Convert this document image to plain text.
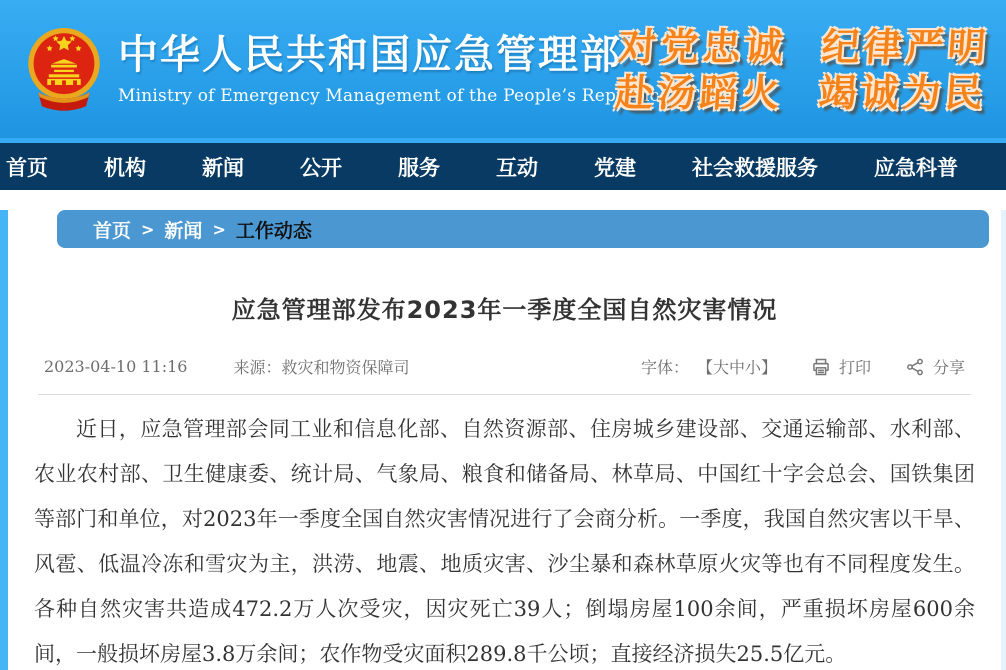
中华人民共和国应急管理部
Ministry of Emergency Management of the People’s Republic of China
对党忠诚 纪律严明
赴汤蹈火 竭诚为民
首页	机构	新闻	公开	服务	互动	党建	社会救援服务	应急科普
首页 > 新闻 > 工作动态
应急管理部发布2023年一季度全国自然灾害情况
2023-04-10 11:16	来源：救灾和物资保障司	字体： 【大中小】	打印	分享

近日，应急管理部会同工业和信息化部、自然资源部、住房城乡建设部、交通运输部、水利部、农业农村部、卫生健康委、统计局、气象局、粮食和储备局、林草局、中国红十字会总会、国铁集团等部门和单位，对2023年一季度全国自然灾害情况进行了会商分析。一季度，我国自然灾害以干旱、风雹、低温冷冻和雪灾为主，洪涝、地震、地质灾害、沙尘暴和森林草原火灾等也有不同程度发生。各种自然灾害共造成472.2万人次受灾，因灾死亡39人；倒塌房屋100余间，严重损坏房屋600余间，一般损坏房屋3.8万余间；农作物受灾面积289.8千公顷；直接经济损失25.5亿元。
